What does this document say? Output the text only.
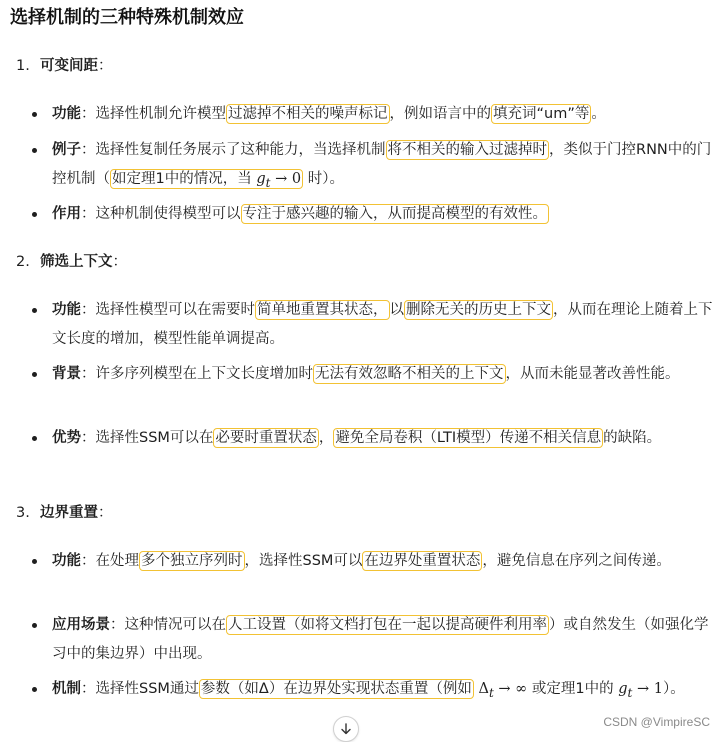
选择机制的三种特殊机制效应
1. 可变间距：
功能：选择性机制允许模型 过滤掉不相关的噪声标记 ，例如语言中的 填充词“um”等 。
例子：选择性复制任务展示了这种能力，当选择机制 将不相关的输入过滤掉时 ，类似于门控RNN中的门控机制（ 如定理1中的情况，当 $g_t \to 0$ 时）。
作用：这种机制使得模型可以 专注于感兴趣的输入，从而提高模型的有效性。
2. 筛选上下文：
功能：选择性模型可以在需要时 简单地重置其状态， 以 删除无关的历史上下文 ，从而在理论上随着上下文长度的增加，模型性能单调提高。
背景：许多序列模型在上下文长度增加时 无法有效忽略不相关的上下文 ，从而未能显著改善性能。
优势：选择性SSM可以在 必要时重置状态 ， 避免全局卷积（LTI模型）传递不相关信息 的缺陷。
3. 边界重置：
功能：在处理 多个独立序列时 ，选择性SSM可以 在边界处重置状态 ，避免信息在序列之间传递。
应用场景：这种情况可以在 人工设置（如将文档打包在一起以提高硬件利用率 ）或自然发生（如强化学习中的集边界）中出现。
机制：选择性SSM通过 参数（如Δ）在边界处实现状态重置（例如 $\Delta_t$ → ∞ 或定理1中的 $g_t \to 1$）。
CSDN @VimpireSC
